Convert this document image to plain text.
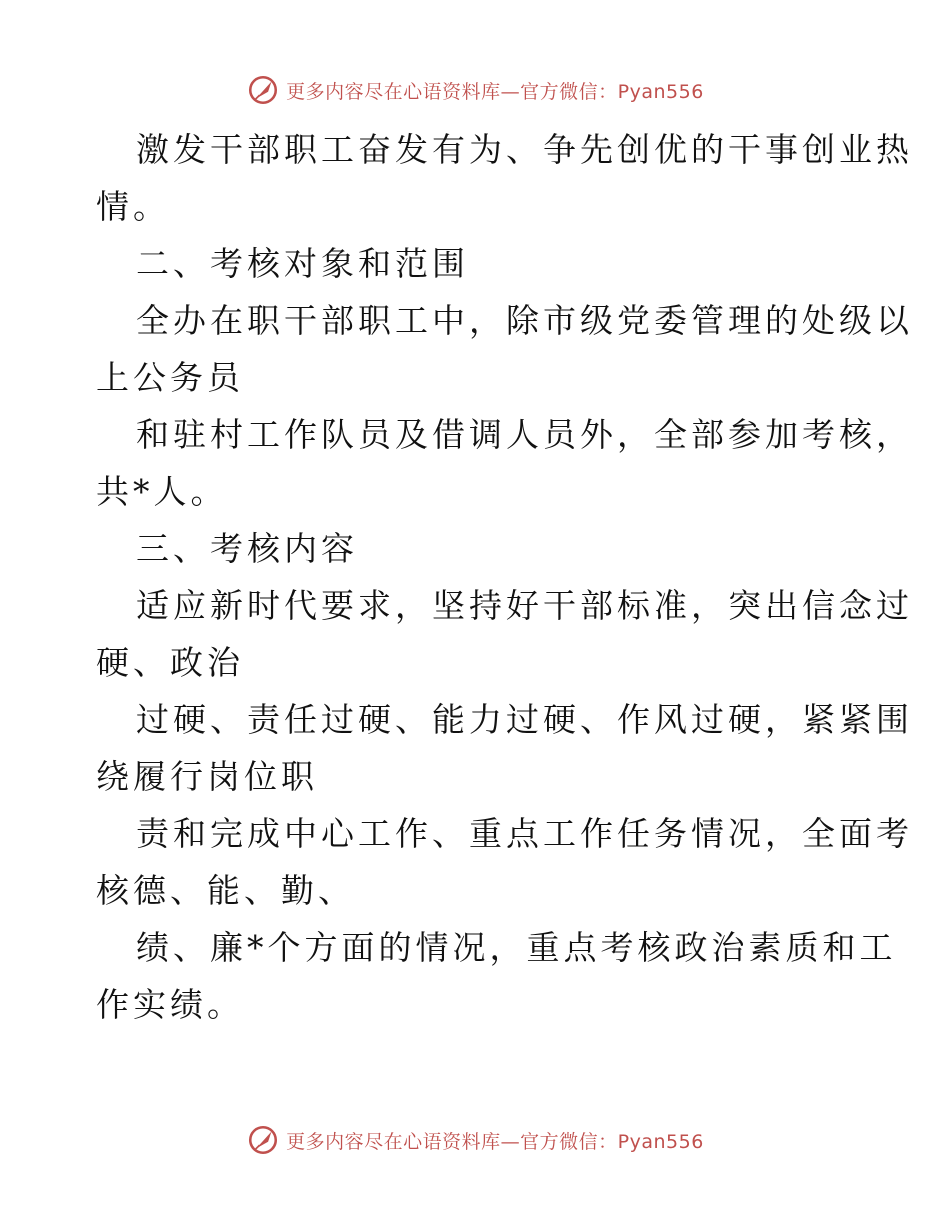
更多内容尽在心语资料库—官方微信：Pyan556
激发干部职工奋发有为、争先创优的干事创业热
情。
二、考核对象和范围
全办在职干部职工中，除市级党委管理的处级以
上公务员
和驻村工作队员及借调人员外，全部参加考核，
共*人。
三、考核内容
适应新时代要求，坚持好干部标准，突出信念过
硬、政治
过硬、责任过硬、能力过硬、作风过硬，紧紧围
绕履行岗位职
责和完成中心工作、重点工作任务情况，全面考
核德、能、勤、
绩、廉*个方面的情况，重点考核政治素质和工
作实绩。
更多内容尽在心语资料库—官方微信：Pyan556
